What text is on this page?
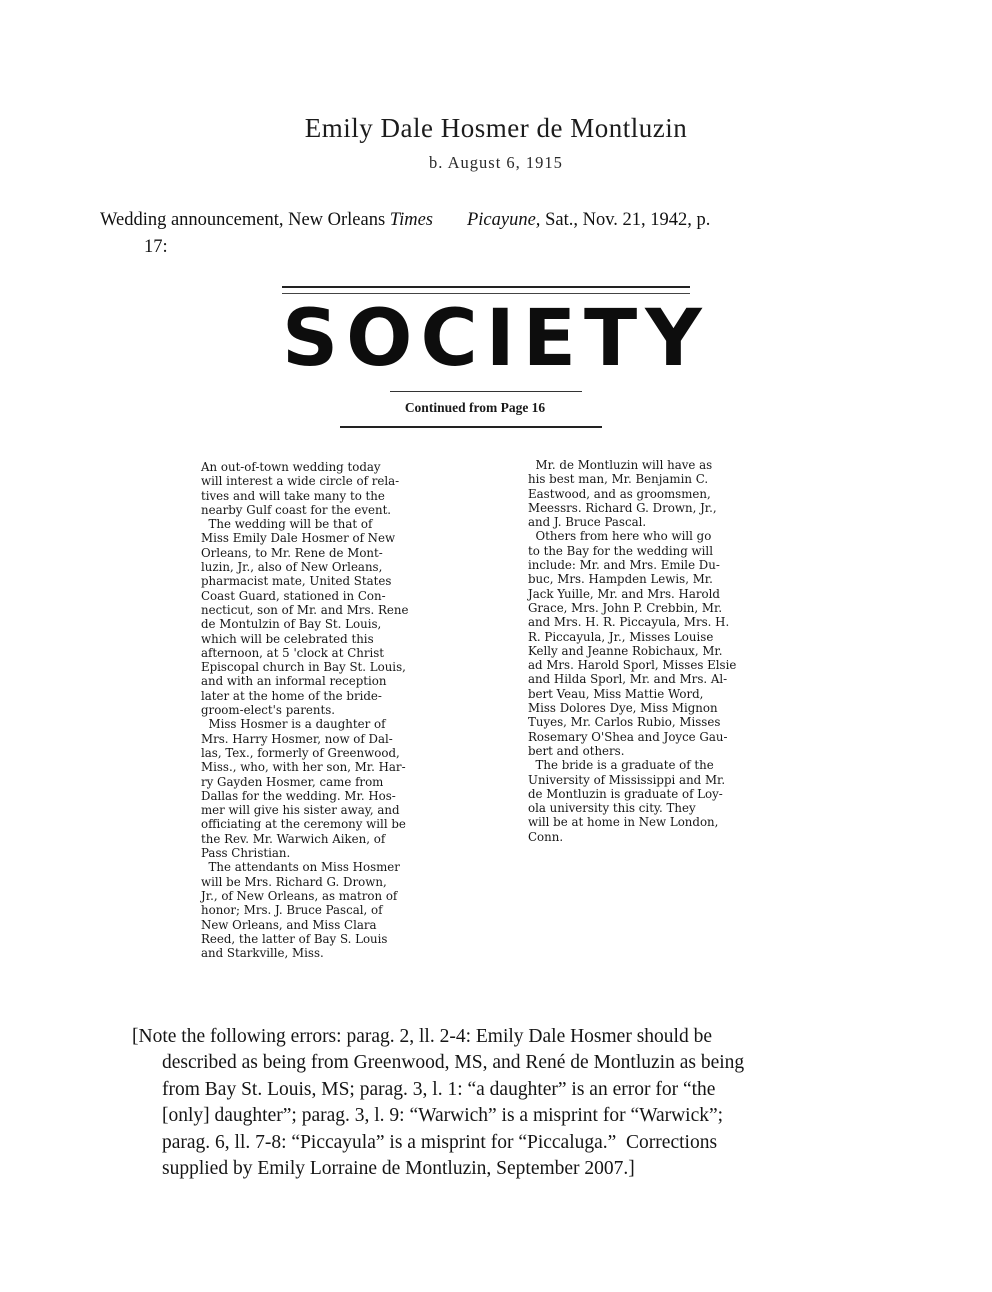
Emily Dale Hosmer de Montluzin
b. August 6, 1915
Wedding announcement, New Orleans Times Picayune, Sat., Nov. 21, 1942, p.
17:
SOCIETY
Continued from Page 16

An out-of-town wedding today

will interest a wide circle of rela-

tives and will take many to the

nearby Gulf coast for the event.

The wedding will be that of

Miss Emily Dale Hosmer of New

Orleans, to Mr. Rene de Mont-

luzin, Jr., also of New Orleans,

pharmacist mate, United States

Coast Guard, stationed in Con-

necticut, son of Mr. and Mrs. Rene

de Montulzin of Bay St. Louis,

which will be celebrated this

afternoon, at 5 'clock at Christ

Episcopal church in Bay St. Louis,

and with an informal reception

later at the home of the bride-

groom-elect's parents.

Miss Hosmer is a daughter of

Mrs. Harry Hosmer, now of Dal-

las, Tex., formerly of Greenwood,

Miss., who, with her son, Mr. Har-

ry Gayden Hosmer, came from

Dallas for the wedding. Mr. Hos-

mer will give his sister away, and

officiating at the ceremony will be

the Rev. Mr. Warwich Aiken, of

Pass Christian.

The attendants on Miss Hosmer

will be Mrs. Richard G. Drown,

Jr., of New Orleans, as matron of

honor; Mrs. J. Bruce Pascal, of

New Orleans, and Miss Clara

Reed, the latter of Bay S. Louis

and Starkville, Miss.

Mr. de Montluzin will have as

his best man, Mr. Benjamin C.

Eastwood, and as groomsmen,

Meessrs. Richard G. Drown, Jr.,

and J. Bruce Pascal.

Others from here who will go

to the Bay for the wedding will

include: Mr. and Mrs. Emile Du-

buc, Mrs. Hampden Lewis, Mr.

Jack Yuille, Mr. and Mrs. Harold

Grace, Mrs. John P. Crebbin, Mr.

and Mrs. H. R. Piccayula, Mrs. H.

R. Piccayula, Jr., Misses Louise

Kelly and Jeanne Robichaux, Mr.

ad Mrs. Harold Sporl, Misses Elsie

and Hilda Sporl, Mr. and Mrs. Al-

bert Veau, Miss Mattie Word,

Miss Dolores Dye, Miss Mignon

Tuyes, Mr. Carlos Rubio, Misses

Rosemary O'Shea and Joyce Gau-

bert and others.

The bride is a graduate of the

University of Mississippi and Mr.

de Montluzin is graduate of Loy-

ola university this city. They

will be at home in New London,

Conn.

[Note the following errors: parag. 2, ll. 2-4: Emily Dale Hosmer should be

described as being from Greenwood, MS, and René de Montluzin as being

from Bay St. Louis, MS; parag. 3, l. 1: “a daughter” is an error for “the

[only] daughter”; parag. 3, l. 9: “Warwich” is a misprint for “Warwick”;

parag. 6, ll. 7-8: “Piccayula” is a misprint for “Piccaluga.”  Corrections

supplied by Emily Lorraine de Montluzin, September 2007.]
